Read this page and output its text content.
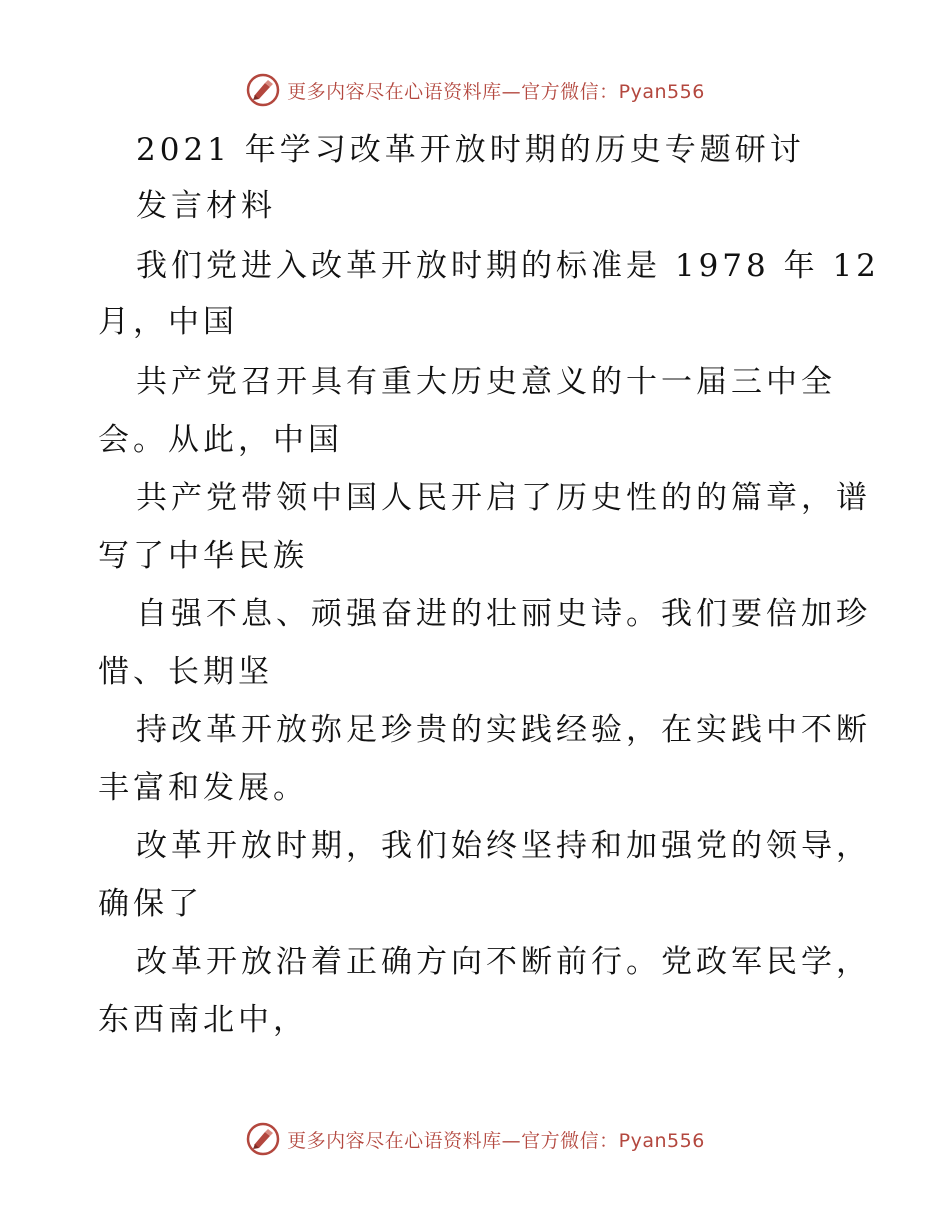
更多内容尽在心语资料库—官方微信：Pyan556
2021 年学习改革开放时期的历史专题研讨
发言材料
我们党进入改革开放时期的标准是 1978 年 12
月，中国
共产党召开具有重大历史意义的十一届三中全
会。从此，中国
共产党带领中国人民开启了历史性的的篇章，谱
写了中华民族
自强不息、顽强奋进的壮丽史诗。我们要倍加珍
惜、长期坚
持改革开放弥足珍贵的实践经验，在实践中不断
丰富和发展。
改革开放时期，我们始终坚持和加强党的领导，
确保了
改革开放沿着正确方向不断前行。党政军民学，
东西南北中，
更多内容尽在心语资料库—官方微信：Pyan556
